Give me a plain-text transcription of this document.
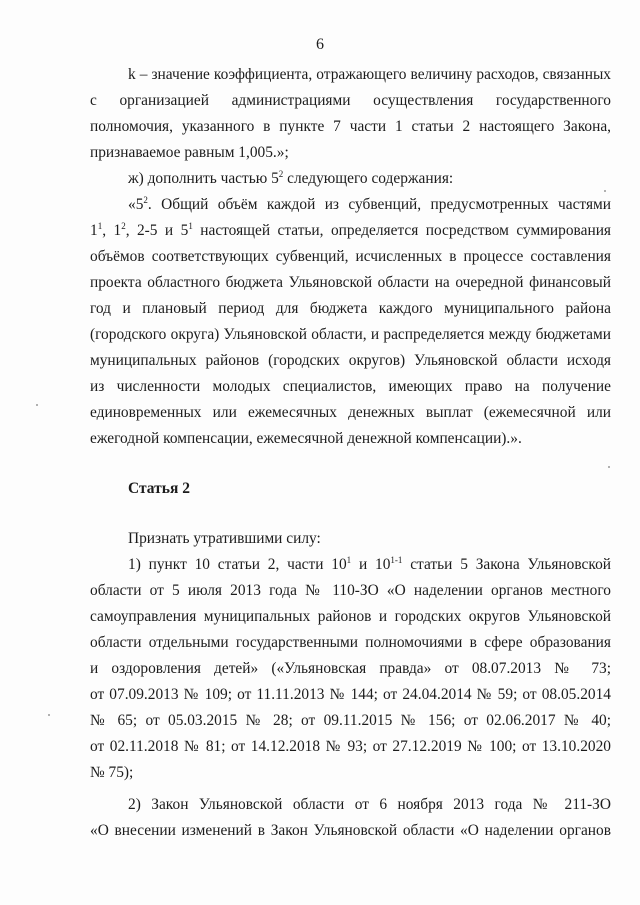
6
k – значение коэффициента, отражающего величину расходов, связанных
с организацией администрациями осуществления государственного
полномочия, указанного в пункте 7 части 1 статьи 2 настоящего Закона,
признаваемое равным 1,005.»;
ж) дополнить частью $5^2$ следующего содержания:
«$5^2$. Общий объём каждой из субвенций, предусмотренных частями
$1^1$, $1^2$, 2-5 и $5^1$ настоящей статьи, определяется посредством суммирования
объёмов соответствующих субвенций, исчисленных в процессе составления
проекта областного бюджета Ульяновской области на очередной финансовый
год и плановый период для бюджета каждого муниципального района
(городского округа) Ульяновской области, и распределяется между бюджетами
муниципальных районов (городских округов) Ульяновской области исходя
из численности молодых специалистов, имеющих право на получение
единовременных или ежемесячных денежных выплат (ежемесячной или
ежегодной компенсации, ежемесячной денежной компенсации).».
Статья 2
Признать утратившими силу:
1) пункт 10 статьи 2, части $10^1$ и 10$^{1-1}$ статьи 5 Закона Ульяновской
области от 5 июля 2013 года № 110-ЗО «О наделении органов местного
самоуправления муниципальных районов и городских округов Ульяновской
области отдельными государственными полномочиями в сфере образования
и оздоровления детей» («Ульяновская правда» от 08.07.2013 № 73;
от 07.09.2013 № 109; от 11.11.2013 № 144; от 24.04.2014 № 59; от 08.05.2014
№ 65; от 05.03.2015 № 28; от 09.11.2015 № 156; от 02.06.2017 № 40;
от 02.11.2018 № 81; от 14.12.2018 № 93; от 27.12.2019 № 100; от 13.10.2020
№ 75);
2) Закон Ульяновской области от 6 ноября 2013 года № 211-ЗО
«О внесении изменений в Закон Ульяновской области «О наделении органов
